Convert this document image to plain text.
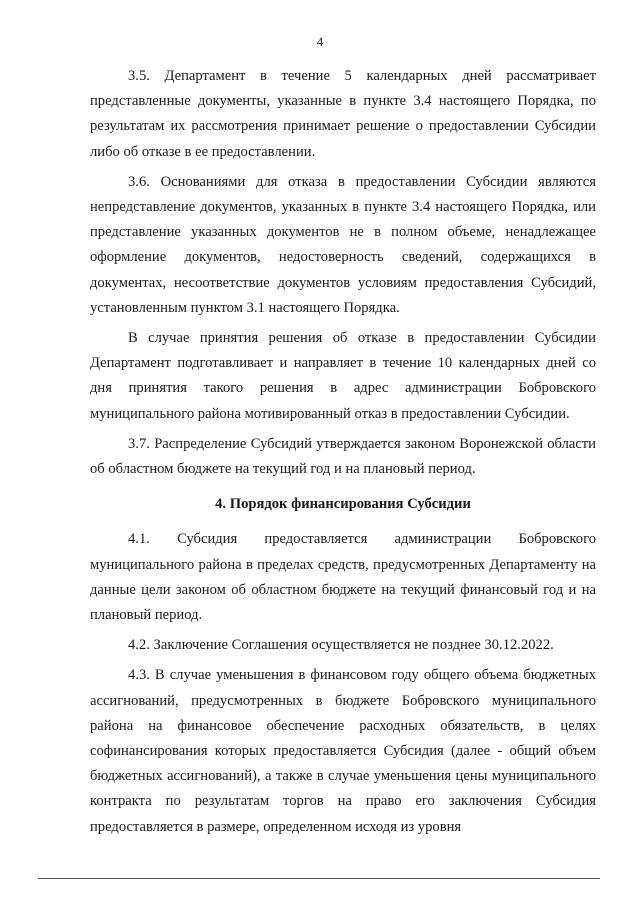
4

3.5. Департамент в течение 5 календарных дней рассматривает представленные документы, указанные в пункте 3.4 настоящего Порядка, по результатам их рассмотрения принимает решение о предоставлении Субсидии либо об отказе в ее предоставлении.

3.6. Основаниями для отказа в предоставлении Субсидии являются непредставление документов, указанных в пункте 3.4 настоящего Порядка, или представление указанных документов не в полном объеме, ненадлежащее оформление документов, недостоверность сведений, содержащихся в документах, несоответствие документов условиям предоставления Субсидий, установленным пунктом 3.1 настоящего Порядка.

В случае принятия решения об отказе в предоставлении Субсидии Департамент подготавливает и направляет в течение 10 календарных дней со дня принятия такого решения в адрес администрации Бобровского муниципального района мотивированный отказ в предоставлении Субсидии.

3.7. Распределение Субсидий утверждается законом Воронежской области об областном бюджете на текущий год и на плановый период.

4. Порядок финансирования Субсидии

4.1. Субсидия предоставляется администрации Бобровского муниципального района в пределах средств, предусмотренных Департаменту на данные цели законом об областном бюджете на текущий финансовый год и на плановый период.

4.2. Заключение Соглашения осуществляется не позднее 30.12.2022.

4.3. В случае уменьшения в финансовом году общего объема бюджетных ассигнований, предусмотренных в бюджете Бобровского муниципального района на финансовое обеспечение расходных обязательств, в целях софинансирования которых предоставляется Субсидия (далее - общий объем бюджетных ассигнований), а также в случае уменьшения цены муниципального контракта по результатам торгов на право его заключения Субсидия предоставляется в размере, определенном исходя из уровня
